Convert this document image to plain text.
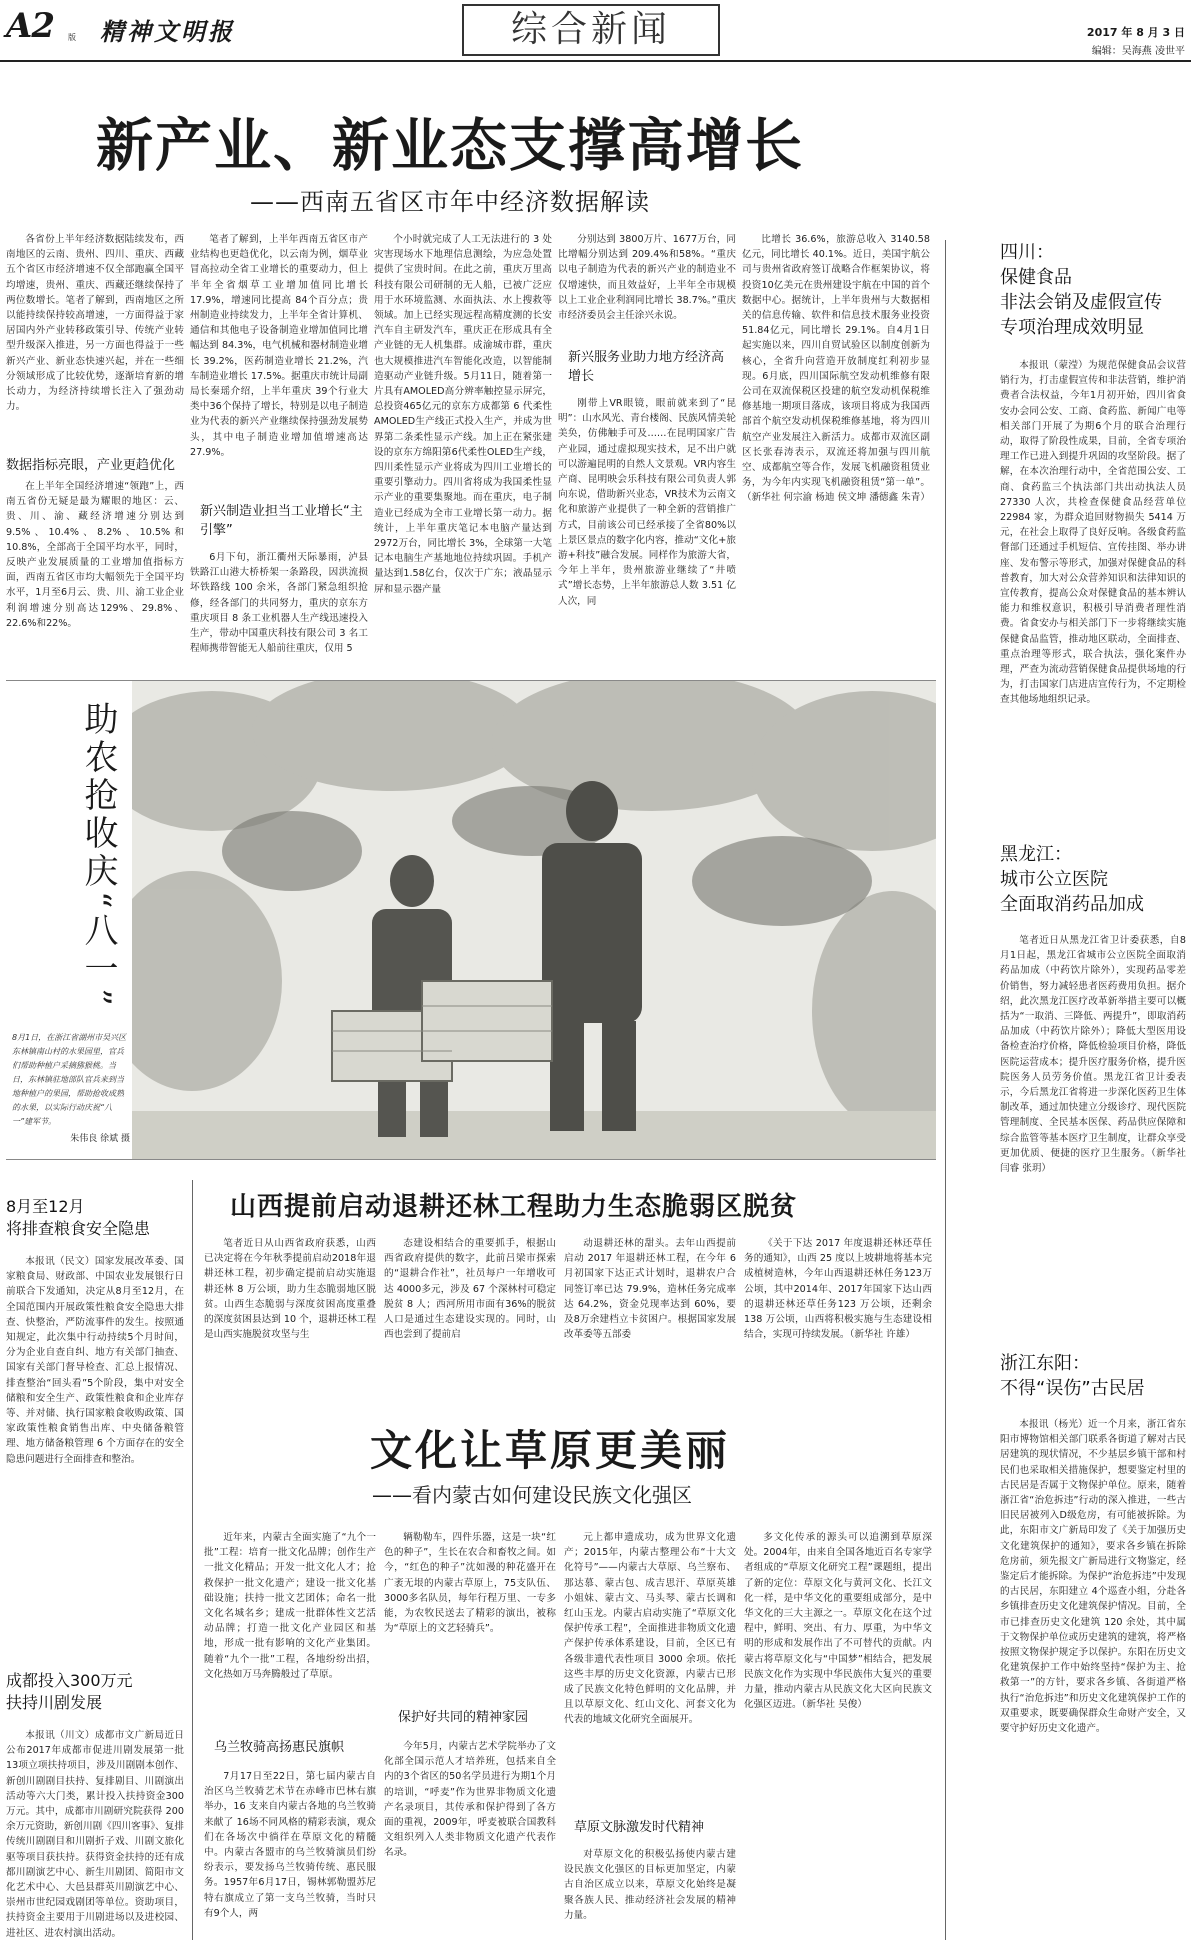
A2 版 精神文明报	综合新闻	2017 年 8 月 3 日
编辑：吴海燕 凌世平
新产业、新业态支撑高增长
——西南五省区市年中经济数据解读
各省份上半年经济数据陆续发布，西南地区的云南、贵州、四川、重庆、西藏五个省区市经济增速不仅全部跑赢全国平均增速，贵州、重庆、西藏还继续保持了两位数增长。笔者了解到，西南地区之所以能持续保持较高增速，一方面得益于家居国内外产业转移政策引导、传统产业转型升级深入推进，另一方面也得益于一些新兴产业、新业态快速兴起，并在一些细分领域形成了比较优势，逐渐培育新的增长动力，为经济持续增长注入了强劲动力。
数据指标亮眼，产业更趋优化
在上半年全国经济增速“领跑”上，西南五省份无疑是最为耀眼的地区：云、贵、川、渝、藏经济增速分别达到 9.5%、10.4%、8.2%、10.5%和10.8%，全部高于全国平均水平，同时，反映产业发展质量的工业增加值指标方面，西南五省区市均大幅领先于全国平均水平，1月至6月云、贵、川、渝工业企业利润增速分别高达129%、29.8%、22.6%和22%。
笔者了解到，上半年西南五省区市产业结构也更趋优化，以云南为例，烟草业冒高拉动全省工业增长的重要动力，但上半年全省烟草工业增加值同比增长 17.9%，增速同比提高 84个百分点；贵州制造业持续发力，上半年全省计算机、通信和其他电子设备制造业增加值同比增幅达到 84.3%，电气机械和器材制造业增长 39.2%，医药制造业增长 21.2%，汽车制造业增长 17.5%。据重庆市统计局副局长秦瑶介绍，上半年重庆 39个行业大类中36个保持了增长，特别是以电子制造业为代表的新兴产业继续保持强劲发展势头，其中电子制造业增加值增速高达27.9%。
新兴制造业担当工业增长“主引擎”
6月下旬，浙江衢州天际暴雨，泸县铁路江山港大桥桥架一条路段，因洪流损坏铁路线 100 余米，各部门紧急组织抢修，经各部门的共同努力，重庆的京东方重庆项目 8 条工业机器人生产线迅速投入生产，带动中国重庆科技有限公司 3 名工程师携带智能无人船前往重庆，仅用 5
个小时就完成了人工无法进行的 3 处灾害现场水下地理信息测绘，为应急处置提供了宝贵时间。在此之前，重庆万里高科技有限公司研制的无人船，已被广泛应用于水环境监测、水面执法、水上搜救等领域。加上已经实现远程高精度测的长安汽车自主研发汽车，重庆正在形成具有全产业链的无人机集群。成渝城市群，重庆也大规模推进汽车智能化改造，以智能制造驱动产业链升级。5月11日，随着第一片具有AMOLED高分辨率触控显示屏完，总投资465亿元的京东方成都第 6 代柔性 AMOLED生产线正式投入生产，并成为世界第二条柔性显示产线。加上正在紧张建设的京东方绵阳第6代柔性OLED生产线，四川柔性显示产业将成为四川工业增长的重要引擎动力。四川省将成为我国柔性显示产业的重要集聚地。而在重庆，电子制造业已经成为全市工业增长第一动力。据统计，上半年重庆笔记本电脑产量达到2972万台，同比增长 3%，全球第一大笔记本电脑生产基地地位持续巩固。手机产量达到1.58亿台，仅次于广东；液晶显示屏和显示器产量
分别达到 3800万片、1677万台，同比增幅分别达到 209.4%和58%。“重庆以电子制造为代表的新兴产业的制造业不仅增速快，而且效益好，上半年全市规模以上工业企业利润同比增长 38.7%。”重庆市经济委员会主任涂兴永说。
新兴服务业助力地方经济高增长
刚带上VR眼镜，眼前就来到了“昆明”：山水风光、青台楼阁、民族风情美轮美奂，仿佛触手可及……在昆明国家广告产业园，通过虚拟现实技术，足不出户就可以游遍昆明的自然人文景观。VR内容生产商、昆明映会乐科技有限公司负责人郭向东说，借助新兴业态，VR技术为云南文化和旅游产业提供了一种全新的营销推广方式，目前该公司已经承接了全省80%以上景区景点的数字化内容，推动“文化+旅游+科技”融合发展。同样作为旅游大省，今年上半年，贵州旅游业继续了“井喷式”增长态势，上半年旅游总人数 3.51 亿人次，同
比增长 36.6%，旅游总收入 3140.58 亿元，同比增长 40.1%。近日，美国宇航公司与贵州省政府签订战略合作框架协议，将投资10亿美元在贵州建设宇航在中国的首个数据中心。据统计，上半年贵州与大数据相关的信息传输、软件和信息技术服务业投资51.84亿元，同比增长 29.1%。自4月1日起实施以来，四川自贸试验区以制度创新为核心，全省升向营造开放制度红利初步显现。6月底，四川国际航空发动机维修有限公司在双流保税区投建的航空发动机保税维修基地一期项目落成，该项目将成为我国西部首个航空发动机保税维修基地，将为四川航空产业发展注入新活力。成都市双流区副区长张春涛表示，双流还将加强与四川航空、成都航空等合作，发展飞机融资租赁业务，为今年内实现飞机融资租赁“第一单”。（新华社 何宗渝 杨迪 侯文坤 潘德鑫 朱青）
四川：
保健食品
非法会销及虚假宣传
专项治理成效明显
本报讯（蒙滢）为规范保健食品会议营销行为，打击虚假宣传和非法营销，维护消费者合法权益，今年1月初开始，四川省食安办会同公安、工商、食药监、新闻广电等相关部门开展了为期6个月的联合治理行动，取得了阶段性成果，目前，全省专项治理工作已进入到提升巩固的攻坚阶段。据了解，在本次治理行动中，全省范围公安、工商、食药监三个执法部门共出动执法人员 27330 人次，共检查保健食品经营单位 22984 家，为群众追回财物损失 5414 万元，在社会上取得了良好反响。各级食药监督部门还通过手机短信、宣传挂图、举办讲座、发布警示等形式，加强对保健食品的科普教育，加大对公众营养知识和法律知识的宣传教育，提高公众对保健食品的基本辨认能力和维权意识，积极引导消费者理性消费。省食安办与相关部门下一步将继续实施保健食品监管，推动地区联动，全面排查、重点治理等形式，联合执法，强化案件办理，严查为流动营销保健食品提供场地的行为，打击国家门店进店宣传行为，不定期检查其他场地组织记录。
黑龙江：
城市公立医院
全面取消药品加成
笔者近日从黑龙江省卫计委获悉，自8月1日起，黑龙江省城市公立医院全面取消药品加成（中药饮片除外），实现药品零差价销售，努力减轻患者医药费用负担。据介绍，此次黑龙江医疗改革新举措主要可以概括为“一取消、三降低、两提升”，即取消药品加成（中药饮片除外）；降低大型医用设备检查治疗价格，降低检验项目价格，降低医院运营成本；提升医疗服务价格，提升医院医务人员劳务价值。黑龙江省卫计委表示，今后黑龙江省将进一步深化医药卫生体制改革，通过加快建立分级诊疗、现代医院管理制度、全民基本医保、药品供应保障和综合监管等基本医疗卫生制度，让群众享受更加优质、便捷的医疗卫生服务。（新华社 闫睿 张玥）
浙江东阳：
不得“误伤”古民居
本报讯（杨光）近一个月来，浙江省东阳市博物馆相关部门联系各街道了解对古民居建筑的现状情况，不少基层乡镇干部和村民们也采取相关措施保护，想要鉴定村里的古民居是否属于文物保护单位。原来，随着浙江省“治危拆违”行动的深入推进，一些古旧民居被列入D级危房，有可能被拆除。为此，东阳市文广新局印发了《关于加强历史文化建筑保护的通知》，要求各乡镇在拆除危房前，须先报文广新局进行文物鉴定，经鉴定后才能拆除。为保护“治危拆违”中发现的古民居，东阳建立 4个巡查小组，分赴各乡镇排查历史文化建筑保护情况。目前，全市已排查历史文化建筑 120 余处，其中属于文物保护单位或历史建筑的建筑，将严格按照文物保护规定予以保护。东阳在历史文化建筑保护工作中始终坚持“保护为主、抢救第一”的方针，要求各乡镇、各街道严格执行“治危拆违”和历史文化建筑保护工作的双重要求，既要确保群众生命财产安全，又要守护好历史文化遗产。
助农抢收庆“八一”
8月1日，在浙江省湖州市吴兴区东林镇南山村的水果园里，官兵们帮助种植户采摘猕猴桃。当日，东林镇驻地部队官兵来到当地种植户的果园，帮助抢收成熟的水果，以实际行动庆祝“八一”建军节。
朱伟良 徐斌 摄
8月至12月
将排查粮食安全隐患
本报讯（民文）国家发展改革委、国家粮食局、财政部、中国农业发展银行日前联合下发通知，决定从8月至12月，在全国范围内开展政策性粮食安全隐患大排查、快整治，严防流事件的发生。按照通知规定，此次集中行动持续5个月时间，分为企业自查自纠、地方有关部门抽查、国家有关部门督导检查、汇总上报情况、排查整治“回头看”5个阶段，集中对安全储粮和安全生产、政策性粮食和企业库存等、并对储、执行国家粮食收购政策、国家政策性粮食销售出库、中央储备粮管理、地方储备粮管理 6 个方面存在的安全隐患问题进行全面排查和整治。
成都投入300万元
扶持川剧发展
本报讯（川文）成都市文广新局近日公布2017年成都市促进川剧发展第一批13项立项扶持项目，涉及川剧剧本创作、新创川剧剧目扶持、复排剧目、川剧演出活动等六大门类，累计投入扶持资金300万元。其中，成都市川剧研究院获得 200 余万元资助，新创川剧《四川客事》、复排传统川剧剧目和川剧折子戏、川剧文旅化驱等项目获扶持。获得资金扶持的还有成都川剧演艺中心、新生川剧团、简阳市文化艺术中心、大邑县群英川剧演艺中心、崇州市世纪园戏剧团等单位。资助项目，扶持资金主要用于川剧进场以及进校园、进社区、进农村演出活动。
山西提前启动退耕还林工程助力生态脆弱区脱贫
笔者近日从山西省政府获悉，山西已决定将在今年秋季提前启动2018年退耕还林工程，初步确定提前启动实施退耕还林 8 万公顷，助力生态脆弱地区脱贫。山西生态脆弱与深度贫困高度重叠的深度贫困县达到 10 个，退耕还林工程是山西实施脱贫攻坚与生
态建设相结合的重要抓手，根据山西省政府提供的数字，此前吕梁市探索的“退耕合作社”，社员每户一年增收可达 4000多元，涉及 67 个深林村可稳定脱贫 8 人；西河所用市面有36%的脱贫人口是通过生态建设实现的。同时，山西也尝到了提前启
动退耕还林的甜头。去年山西提前启动 2017 年退耕还林工程，在今年 6 月初国家下达正式计划时，退耕农户合同签订率已达 79.9%，造林任务完成率达 64.2%，资金兑现率达到 60%，要及8万余建档立卡贫困户。根据国家发展改革委等五部委
《关于下达 2017 年度退耕还林还草任务的通知》，山西 25 度以上坡耕地将基本完成植树造林，今年山西退耕还林任务123万公顷，其中2014年、2017年国家下达山西的退耕还林还草任务123 万公顷，还剩余 138 万公顷，山西将积极实施与生态建设相结合，实现可持续发展。（新华社 许雄）
文化让草原更美丽
——看内蒙古如何建设民族文化强区
近年来，内蒙古全面实施了“九个一批”工程：培育一批文化品牌；创作生产一批文化精品；开发一批文化人才；抢救保护一批文化遗产；建设一批文化基础设施；扶持一批文艺团体；命名一批文化名城名乡；建成一批群体性文艺活动品牌；打造一批文化产业园区和基地，形成一批有影响的文化产业集团。随着“九个一批”工程，各地纷纷出招，文化热如万马奔腾般过了草原。
乌兰牧骑高扬惠民旗帜
7月17日至22日，第七届内蒙古自治区乌兰牧骑艺术节在赤峰市巴林右旗举办，16 支来自内蒙古各地的乌兰牧骑来献了 16场不同风格的精彩表演，观众们在各场次中徜徉在草原文化的精髓中。内蒙古各盟市的乌兰牧骑演员们纷纷表示，要发扬乌兰牧骑传统、惠民服务。1957年6月17日，锡林郭勒盟苏尼特右旗成立了第一支乌兰牧骑，当时只有9个人，两
辆勒勒车，四件乐器，这是一块“红色的种子”，生长在农合和畜牧之间。如今，“红色的种子”沈如漫的种花盛开在广袤无垠的内蒙古草原上，75支队伍、3000多名队员，每年行程万里、一专多能，为农牧民送去了精彩的演出，被称为“草原上的文艺轻骑兵”。
保护好共同的精神家园
今年5月，内蒙古艺术学院举办了文化部全国示范人才培养班，包括来自全内的3个省区的50名学员进行为期1个月的培训，“呼麦”作为世界非物质文化遗产名录项目，其传承和保护得到了各方面的重视，2009年，呼麦被联合国教科文组织列入人类非物质文化遗产代表作名录。
元上都申遗成功，成为世界文化遗产；2015年，内蒙古整理公布“十大文化符号”——内蒙古大草原、乌兰察布、那达慕、蒙古包、成吉思汗、草原英雄小姐妹、蒙古文、马头琴、蒙古长调和红山玉龙。内蒙古启动实施了“草原文化保护传承工程”，全面推进非物质文化遗产保护传承体系建设，目前，全区已有各级非遗代表性项目 3000 余项。依托这些丰厚的历史文化资源，内蒙古已形成了民族文化特色鲜明的文化品牌，并且以草原文化、红山文化、河套文化为代表的地域文化研究全面展开。
草原文脉激发时代精神
对草原文化的积极弘扬使内蒙古建设民族文化强区的目标更加坚定，内蒙古自治区成立以来，草原文化始终是凝聚各族人民、推动经济社会发展的精神力量。
多文化传承的源头可以追溯到草原深处。2004年，由来自全国各地近百名专家学者组成的“草原文化研究工程”课题组，提出了新的定位：草原文化与黄河文化、长江文化一样，是中华文化的重要组成部分，是中华文化的三大主源之一。草原文化在这个过程中，鲜明、突出、有力、厚重，为中华文明的形成和发展作出了不可替代的贡献。内蒙古将草原文化与“中国梦”相结合，把发展民族文化作为实现中华民族伟大复兴的重要力量，推动内蒙古从民族文化大区向民族文化强区迈进。（新华社 吴俊）
